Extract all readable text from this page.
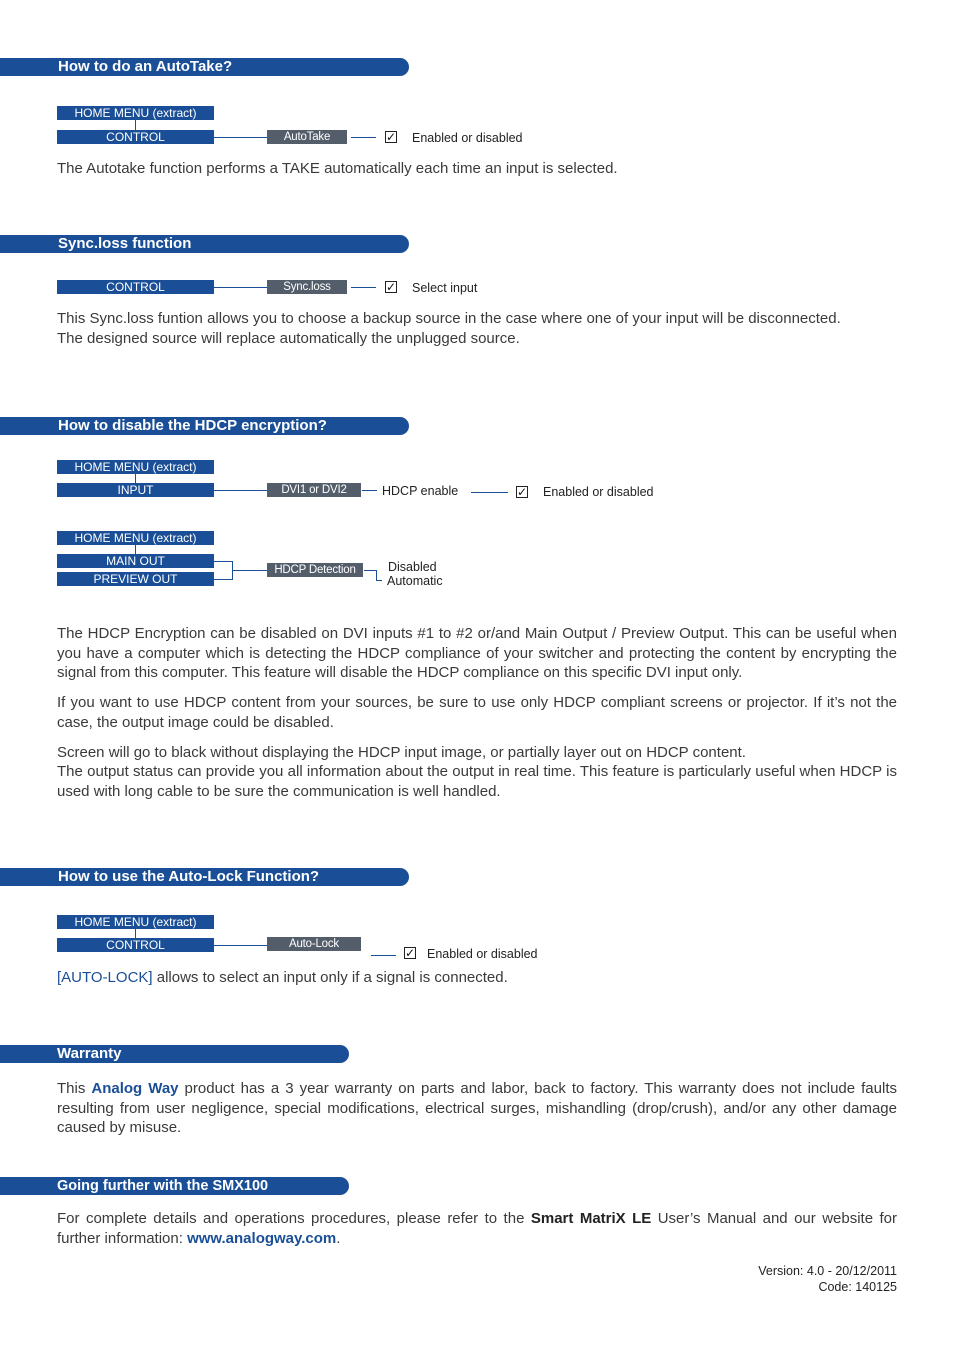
How to do an AutoTake?
HOME MENU (extract)
CONTROL	AutoTake	✓ Enabled or disabled

The Autotake function performs a TAKE automatically each time an input is selected.

Sync.loss function
CONTROL	Sync.loss	✓ Select input

This Sync.loss funtion allows you to choose a backup source in the case where one of your input will be disconnected.

The designed source will replace automatically the unplugged source.

How to disable the HDCP encryption?
HOME MENU (extract)
INPUT	DVI1 or DVI2	HDCP enable	✓ Enabled or disabled
HOME MENU (extract)
MAIN OUT
PREVIEW OUT
HDCP Detection	Disabled
Automatic

The HDCP Encryption can be disabled on DVI inputs #1 to #2 or/and Main Output / Preview Output. This can be useful when you have a computer which is detecting the HDCP compliance of your switcher and protecting the content by encrypting the signal from this computer. This feature will disable the HDCP compliance on this specific DVI input only.

If you want to use HDCP content from your sources, be sure to use only HDCP compliant screens or projector. If it’s not the case, the output image could be disabled.

Screen will go to black without displaying the HDCP input image, or partially layer out on HDCP content.

The output status can provide you all information about the output in real time. This feature is particularly useful when HDCP is used with long cable to be sure the communication is well handled.

How to use the Auto-Lock Function?
HOME MENU (extract)
CONTROL	Auto-Lock
✓ Enabled or disabled

[AUTO-LOCK] allows to select an input only if a signal is connected.

Warranty

This Analog Way product has a 3 year warranty on parts and labor, back to factory. This warranty does not include faults resulting from user negligence, special modifications, electrical surges, mishandling (drop/crush), and/or any other damage caused by misuse.

Going further with the SMX100

For complete details and operations procedures, please refer to the Smart MatriX LE User’s Manual and our website for further information: www.analogway.com.

Version: 4.0 - 20/12/2011
Code: 140125
